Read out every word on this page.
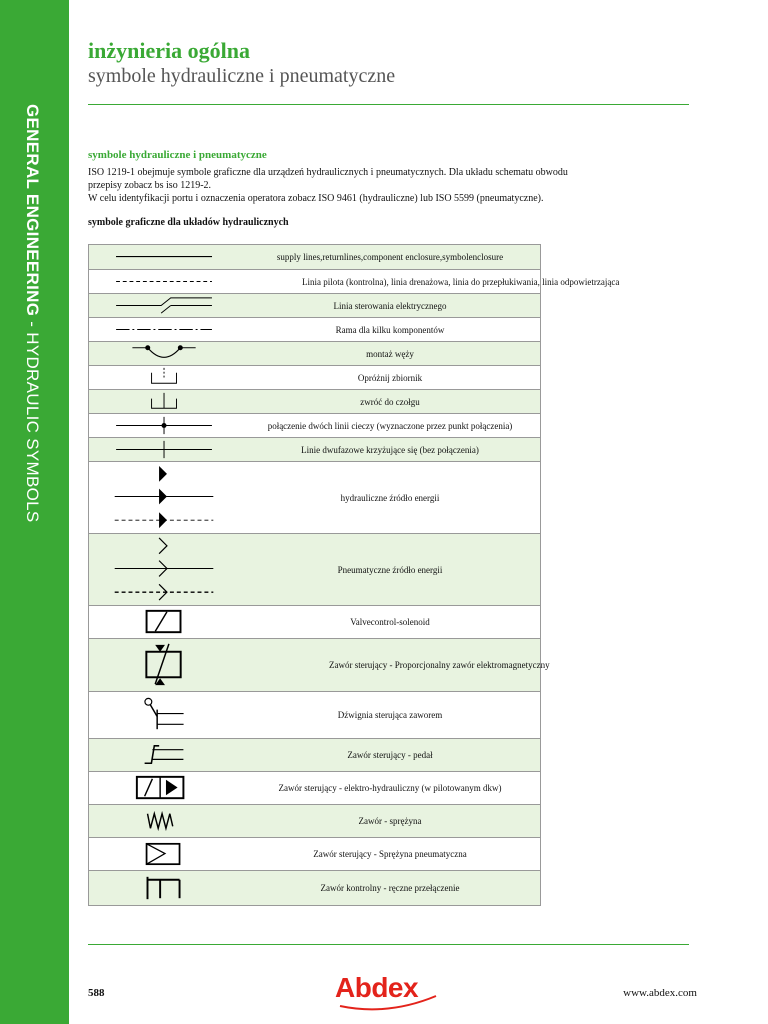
GENERAL ENGINEERING - HYDRAULIC SYMBOLS
inżynieria ogólna
symbole hydrauliczne i pneumatyczne
symbole hydrauliczne i pneumatyczne
ISO 1219-1 obejmuje symbole graficzne dla urządzeń hydraulicznych i pneumatycznych. Dla układu schematu obwodu
przepisy zobacz bs iso 1219-2.
W celu identyfikacji portu i oznaczenia operatora zobacz ISO 9461 (hydrauliczne) lub ISO 5599 (pneumatyczne).
symbole graficzne dla układów hydraulicznych
supply lines,returnlines,component enclosure,symbolenclosure
Linia pilota (kontrolna), linia drenażowa, linia do przepłukiwania, linia odpowietrzająca
Linia sterowania elektrycznego
Rama dla kilku komponentów
montaż węży
Opróżnij zbiornik
zwróć do czołgu
połączenie dwóch linii cieczy (wyznaczone przez punkt połączenia)
Linie dwufazowe krzyżujące się (bez połączenia)
hydrauliczne źródło energii
Pneumatyczne źródło energii
Valvecontrol-solenoid
Zawór sterujący - Proporcjonalny zawór elektromagnetyczny
Dźwignia sterująca zaworem
Zawór sterujący - pedał
Zawór sterujący - elektro-hydrauliczny (w pilotowanym dkw)
Zawór - sprężyna
Zawór sterujący - Sprężyna pneumatyczna
Zawór kontrolny - ręczne przełączenie
588	Abdex	www.abdex.com
